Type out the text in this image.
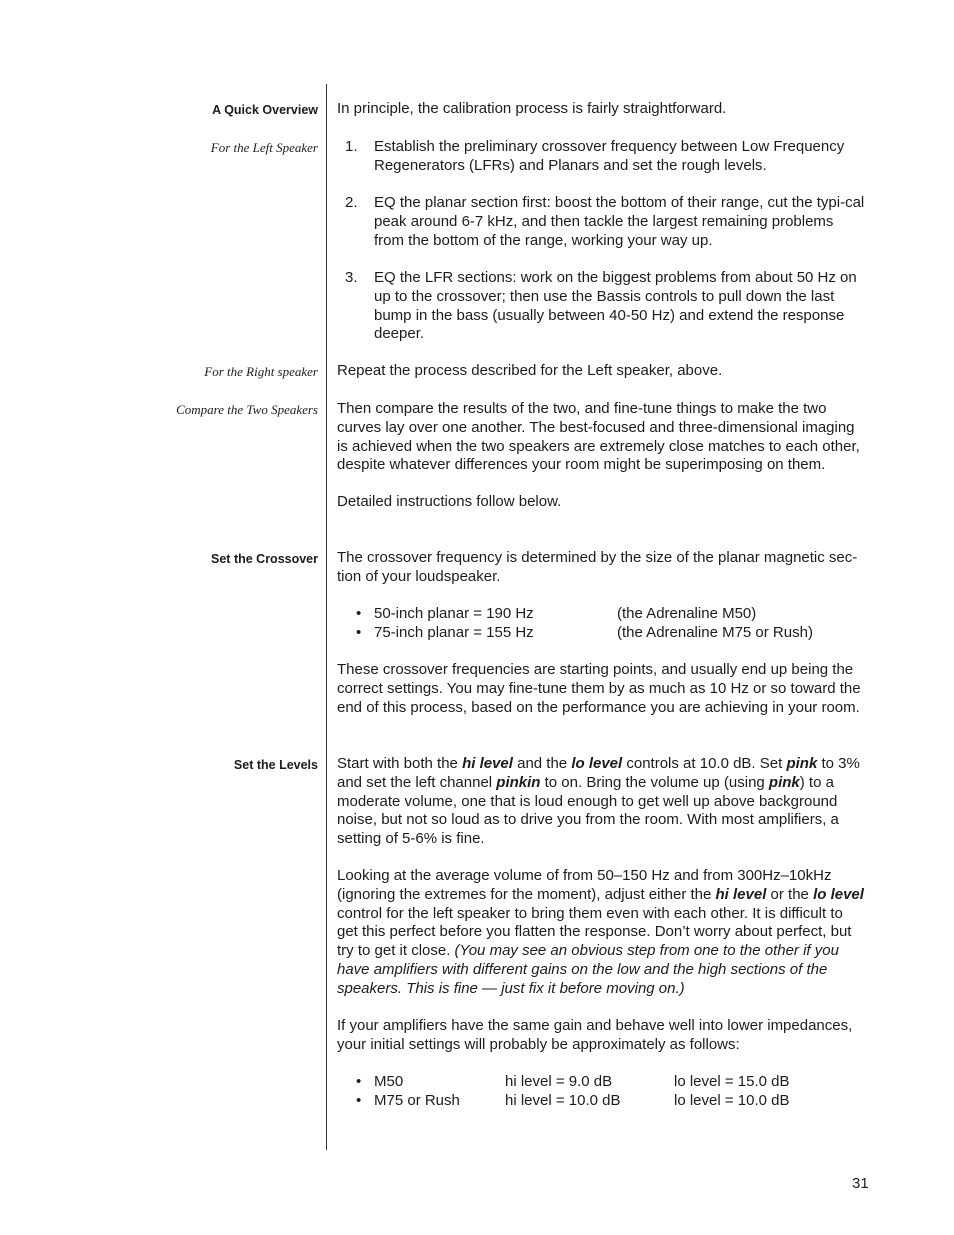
A Quick Overview
For the Left Speaker
For the Right speaker
Compare the Two Speakers
Set the Crossover
Set the Levels

In principle, the calibration process is fairly straightforward.

1. Establish the preliminary crossover frequency between Low Frequency Regenerators (LFRs) and Planars and set the rough levels.
2. EQ the planar section first: boost the bottom of their range, cut the typi-cal peak around 6-7 kHz, and then tackle the largest remaining problems from the bottom of the range, working your way up.
3. EQ the LFR sections: work on the biggest problems from about 50 Hz on up to the crossover; then use the Bassis controls to pull down the last bump in the bass (usually between 40-50 Hz) and extend the response deeper.

Repeat the process described for the Left speaker, above.

Then compare the results of the two, and fine-tune things to make the two curves lay over one another. The best-focused and three-dimensional imaging is achieved when the two speakers are extremely close matches to each other, despite whatever differences your room might be superimposing on them.

Detailed instructions follow below.

The crossover frequency is determined by the size of the planar magnetic sec-tion of your loudspeaker.

• 50-inch planar = 190 Hz	(the Adrenaline M50)
• 75-inch planar = 155 Hz	(the Adrenaline M75 or Rush)

These crossover frequencies are starting points, and usually end up being the correct settings. You may fine-tune them by as much as 10 Hz or so toward the end of this process, based on the performance you are achieving in your room.

Start with both the hi level and the lo level controls at 10.0 dB. Set pink to 3% and set the left channel pinkin to on. Bring the volume up (using pink) to a moderate volume, one that is loud enough to get well up above background noise, but not so loud as to drive you from the room. With most amplifiers, a setting of 5-6% is fine.

Looking at the average volume of from 50–150 Hz and from 300Hz–10kHz (ignoring the extremes for the moment), adjust either the hi level or the lo level control for the left speaker to bring them even with each other. It is difficult to get this perfect before you flatten the response. Don’t worry about perfect, but try to get it close. (You may see an obvious step from one to the other if you have amplifiers with different gains on the low and the high sections of the speakers. This is fine — just fix it before moving on.)

If your amplifiers have the same gain and behave well into lower impedances, your initial settings will probably be approximately as follows:

• M50	hi level = 9.0 dB	lo level = 15.0 dB
• M75 or Rush	hi level = 10.0 dB	lo level = 10.0 dB
31
